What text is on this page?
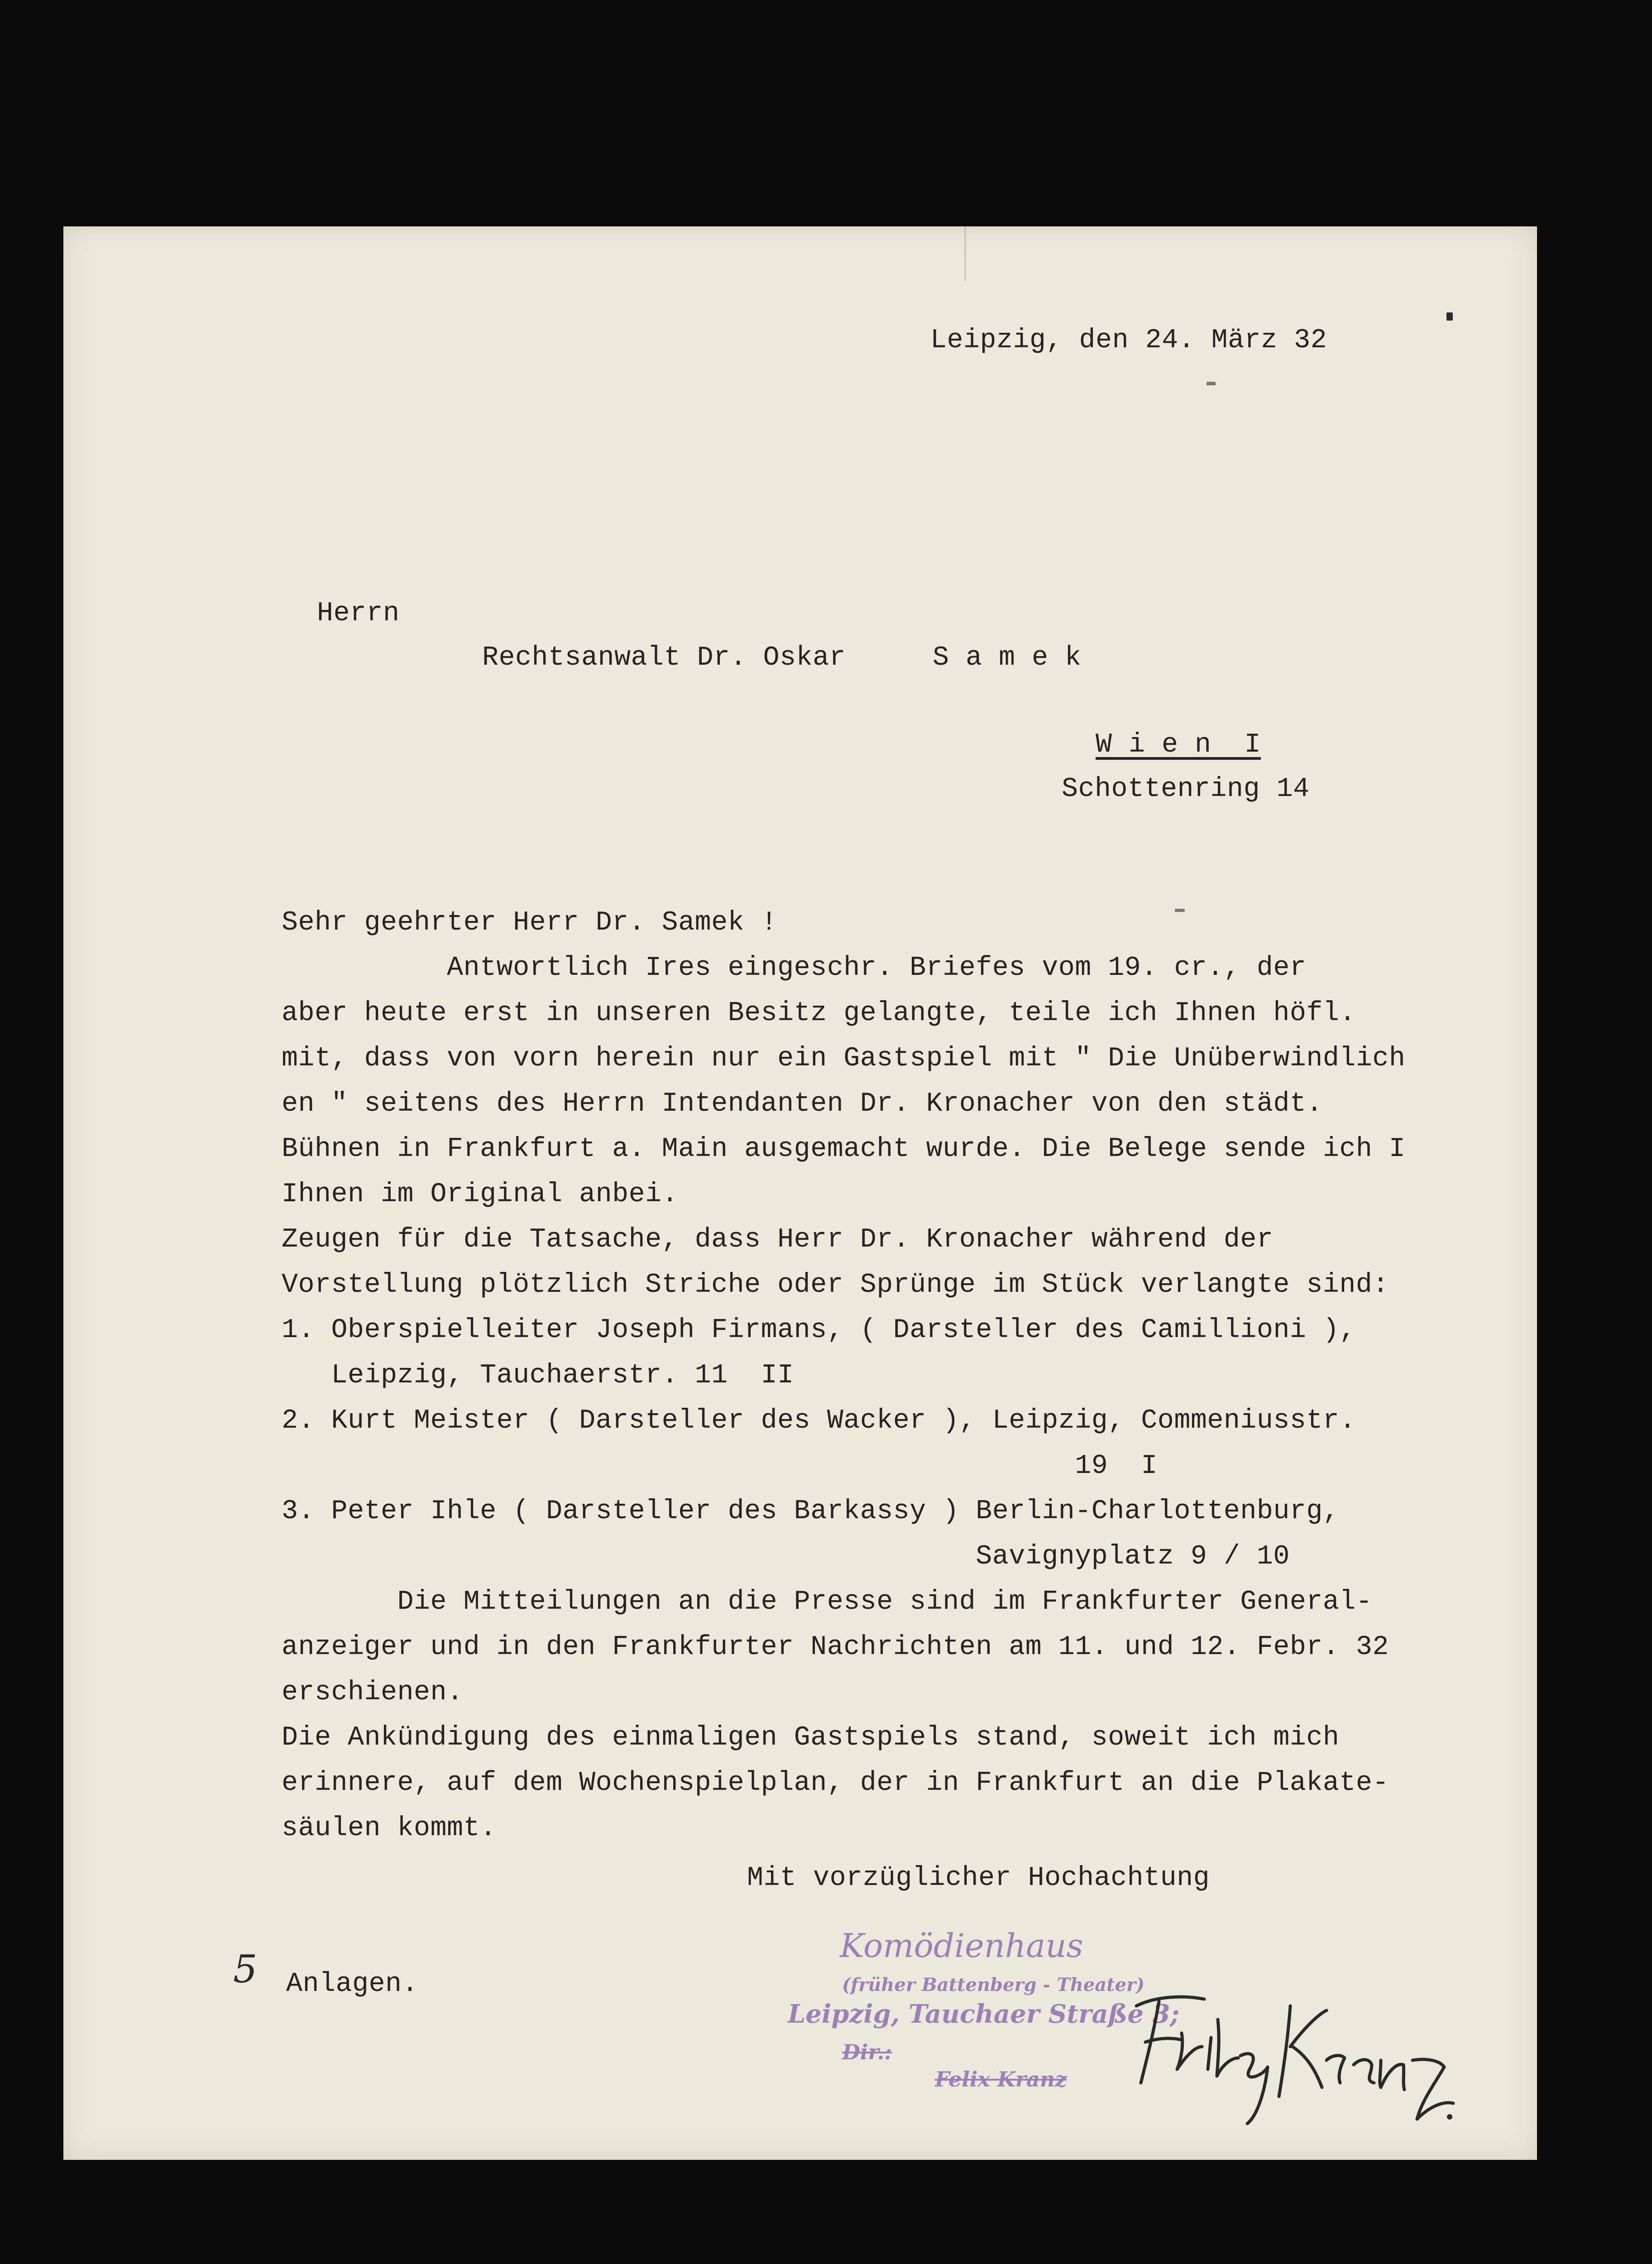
Leipzig, den 24. März 32
Herrn
Rechtsanwalt Dr. Oskar	S a m e k
W i e n  I
Schottenring 14
Sehr geehrter Herr Dr. Samek !
Antwortlich Ires eingeschr. Briefes vom 19. cr., der
aber heute erst in unseren Besitz gelangte, teile ich Ihnen höfl.
mit, dass von vorn herein nur ein Gastspiel mit " Die Unüberwindlich
en " seitens des Herrn Intendanten Dr. Kronacher von den städt.
Bühnen in Frankfurt a. Main ausgemacht wurde. Die Belege sende ich I
Ihnen im Original anbei.
Zeugen für die Tatsache, dass Herr Dr. Kronacher während der
Vorstellung plötzlich Striche oder Sprünge im Stück verlangte sind:
1. Oberspielleiter Joseph Firmans, ( Darsteller des Camillioni ),
Leipzig, Tauchaerstr. 11  II
2. Kurt Meister ( Darsteller des Wacker ), Leipzig, Commeniusstr.
19  I
3. Peter Ihle ( Darsteller des Barkassy ) Berlin-Charlottenburg,
Savignyplatz 9 / 10
Die Mitteilungen an die Presse sind im Frankfurter General-
anzeiger und in den Frankfurter Nachrichten am 11. und 12. Febr. 32
erschienen.
Die Ankündigung des einmaligen Gastspiels stand, soweit ich mich
erinnere, auf dem Wochenspielplan, der in Frankfurt an die Plakate-
säulen kommt.
Mit vorzüglicher Hochachtung
5 Anlagen.
Komödienhaus
(früher Battenberg - Theater)
Leipzig, Tauchaer Straße 3;
Dir.:
Felix Kranz
